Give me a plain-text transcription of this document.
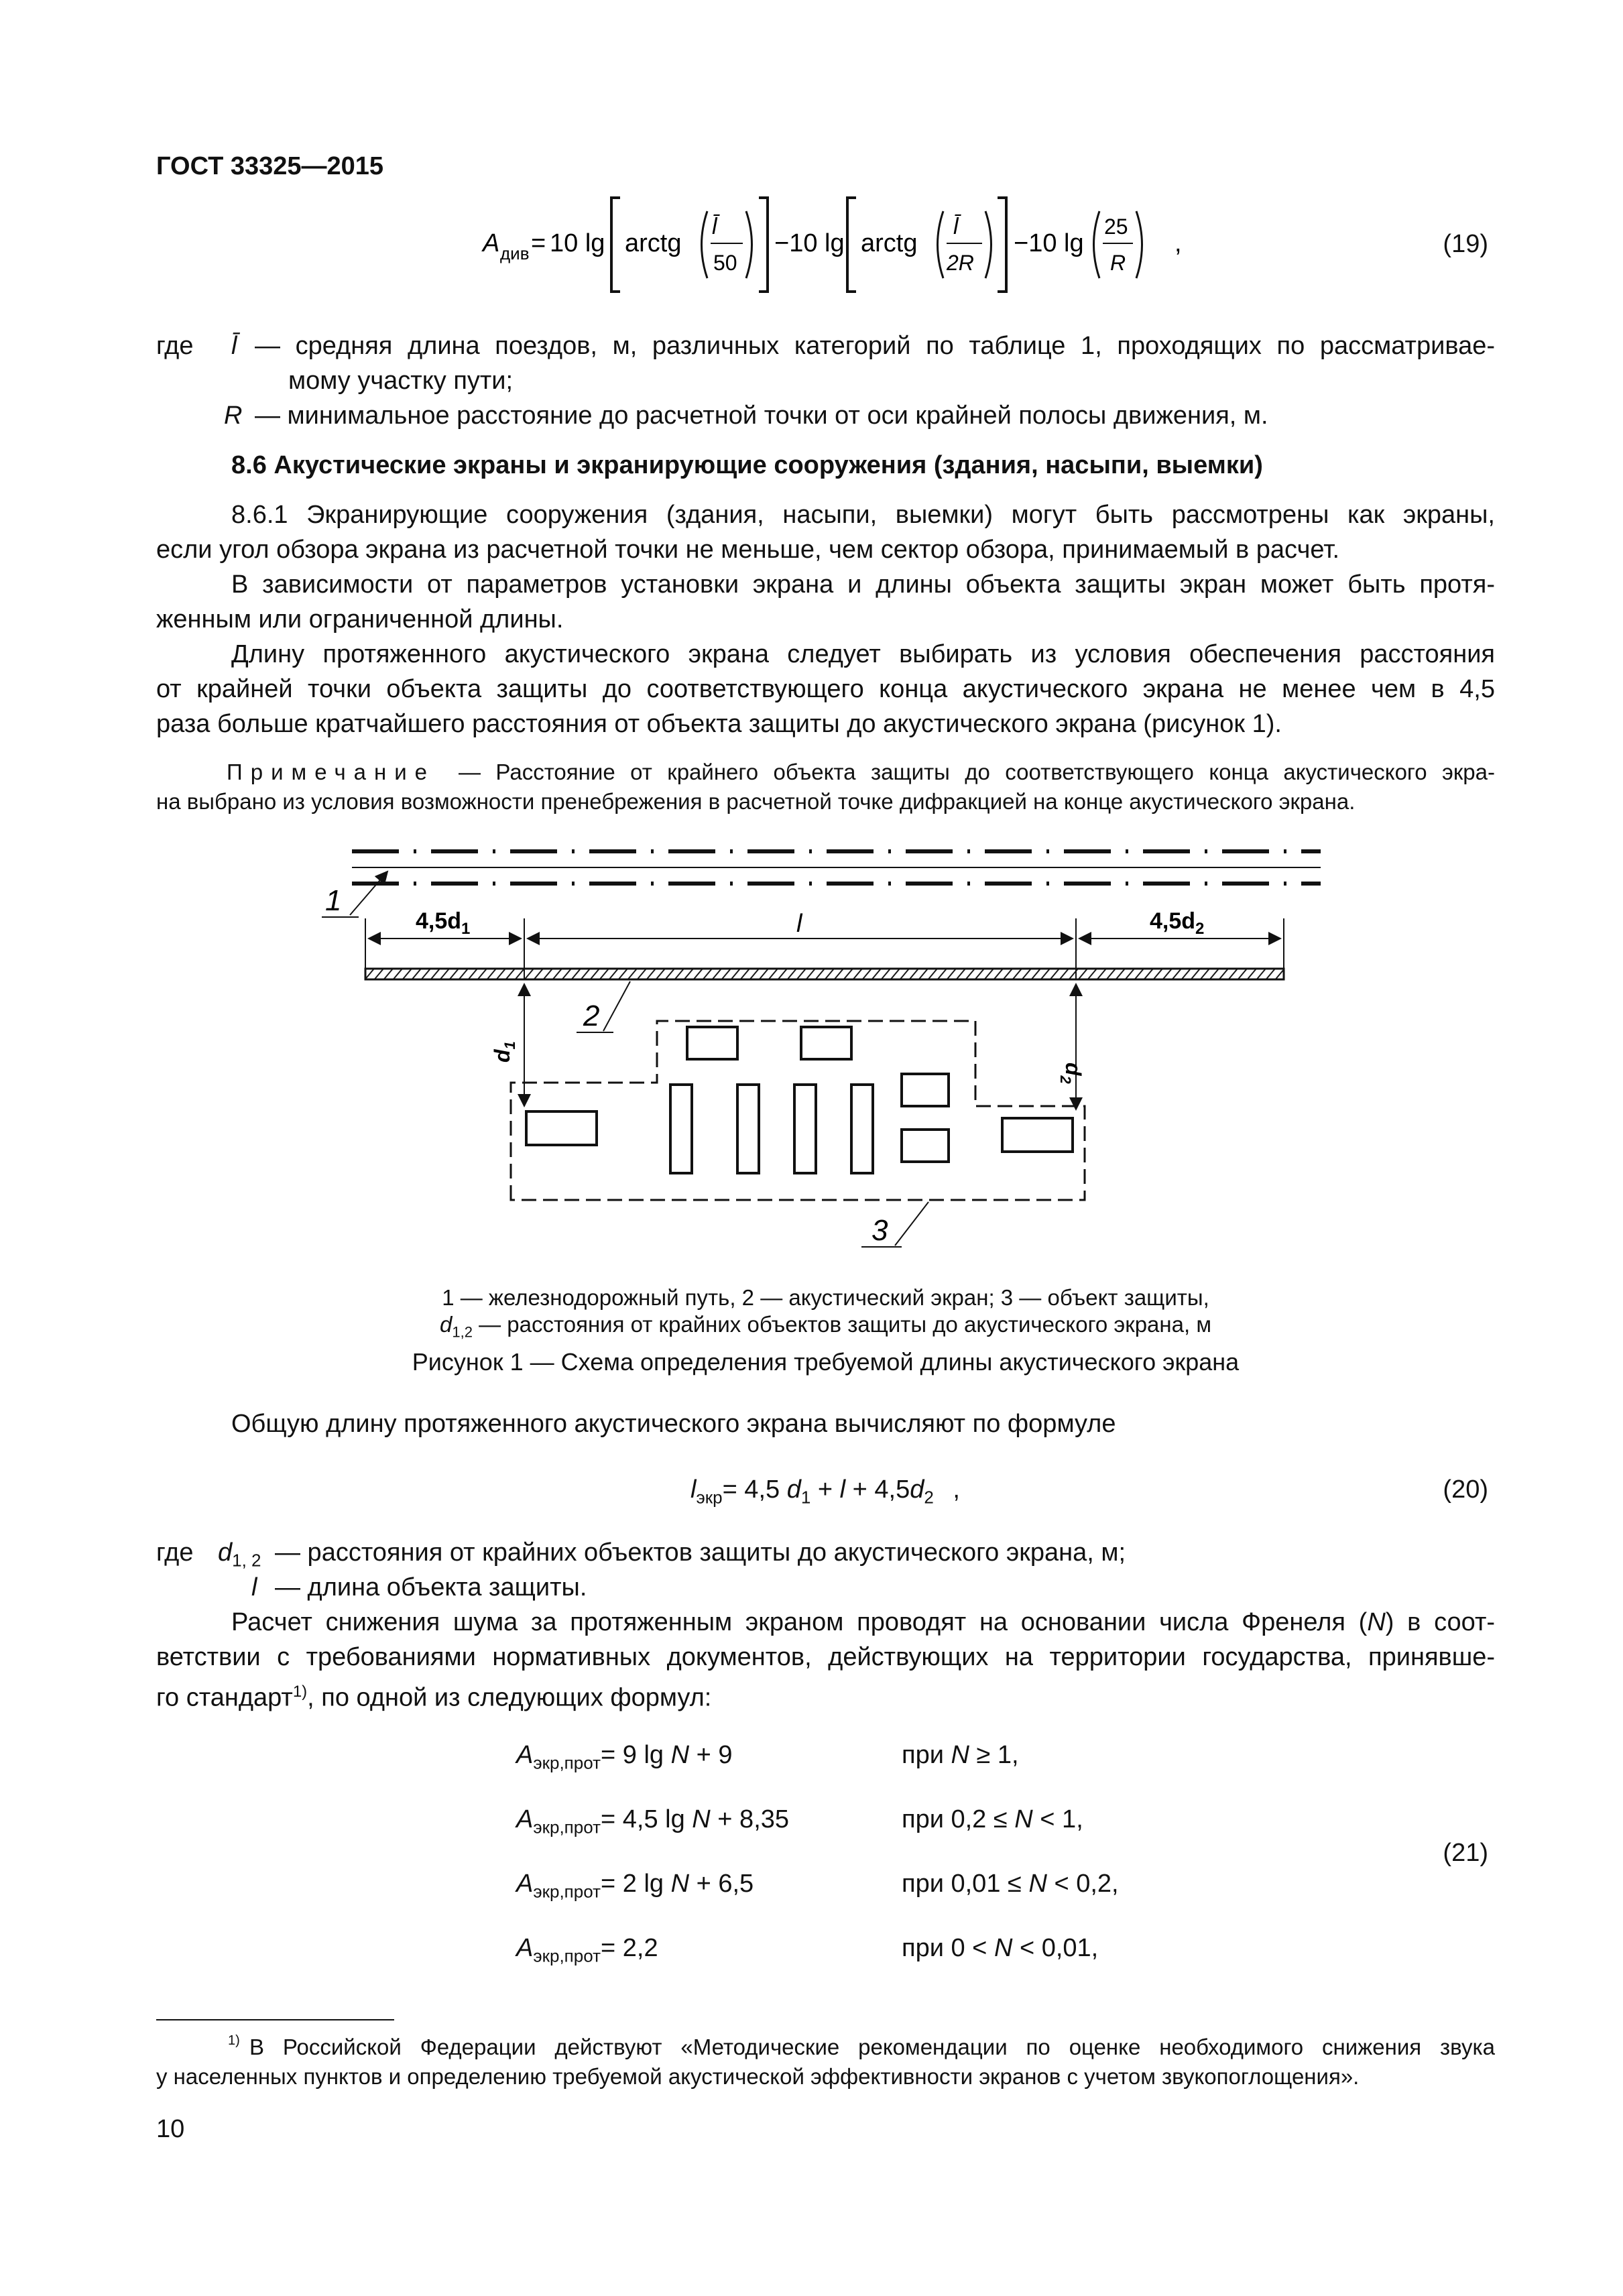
ГОСТ 33325—2015
A див = 10 lg arctg
l̄
50
−10 lg arctg
l̄
2R
−10 lg
25
R
,	(19)
где l̄ — средняя длина поездов, м, различных категорий по таблице 1, проходящих по рассматривае-
мому участку пути;
R — минимальное расстояние до расчетной точки от оси крайней полосы движения, м.
8.6 Акустические экраны и экранирующие сооружения (здания, насыпи, выемки)
8.6.1 Экранирующие сооружения (здания, насыпи, выемки) могут быть рассмотрены как экраны,
если угол обзора экрана из расчетной точки не меньше, чем сектор обзора, принимаемый в расчет.
В зависимости от параметров установки экрана и длины объекта защиты экран может быть протя-
женным или ограниченной длины.
Длину протяженного акустического экрана следует выбирать из условия обеспечения расстояния
от крайней точки объекта защиты до соответствующего конца акустического экрана не менее чем в 4,5
раза больше кратчайшего расстояния от объекта защиты до акустического экрана (рисунок 1).
Примечание — Расстояние от крайнего объекта защиты до соответствующего конца акустического экра-
на выбрано из условия возможности пренебрежения в расчетной точке дифракцией на конце акустического экрана.
1
$4,5d_1$	l	$4,5d_2$
2
$d_1$
$d_2$
3
1 — железнодорожный путь, 2 — акустический экран; 3 — объект защиты,
$d_{1,2}$ — расстояния от крайних объектов защиты до акустического экрана, м
Рисунок 1 — Схема определения требуемой длины акустического экрана
Общую длину протяженного акустического экрана вычисляют по формуле
$l_{экр}= 4,5$ $d_1 + l + 4,5d_2$ ,	(20)
где $d_{1, 2}$ — расстояния от крайних объектов защиты до акустического экрана, м;
l — длина объекта защиты.
Расчет снижения шума за протяженным экраном проводят на основании числа Френеля (N) в соот-
ветствии с требованиями нормативных документов, действующих на территории государства, принявше-
го стандарт$^{1)}$, по одной из следующих формул:
$A_{экр,прот}= 9$ lg N + 9	при N ≥ 1,
$A_{экр,прот}= 4,5$ lg N + 8,35	при 0,2 ≤ N < 1,
$A_{экр,прот}= 2$ lg N + 6,5	при 0,01 ≤ N < 0,2,
$A_{экр,прот}= 2,2$	при 0 < N < 0,01,
(21)
1) В Российской Федерации действуют «Методические рекомендации по оценке необходимого снижения звука
у населенных пунктов и определению требуемой акустической эффективности экранов с учетом звукопоглощения».
10
